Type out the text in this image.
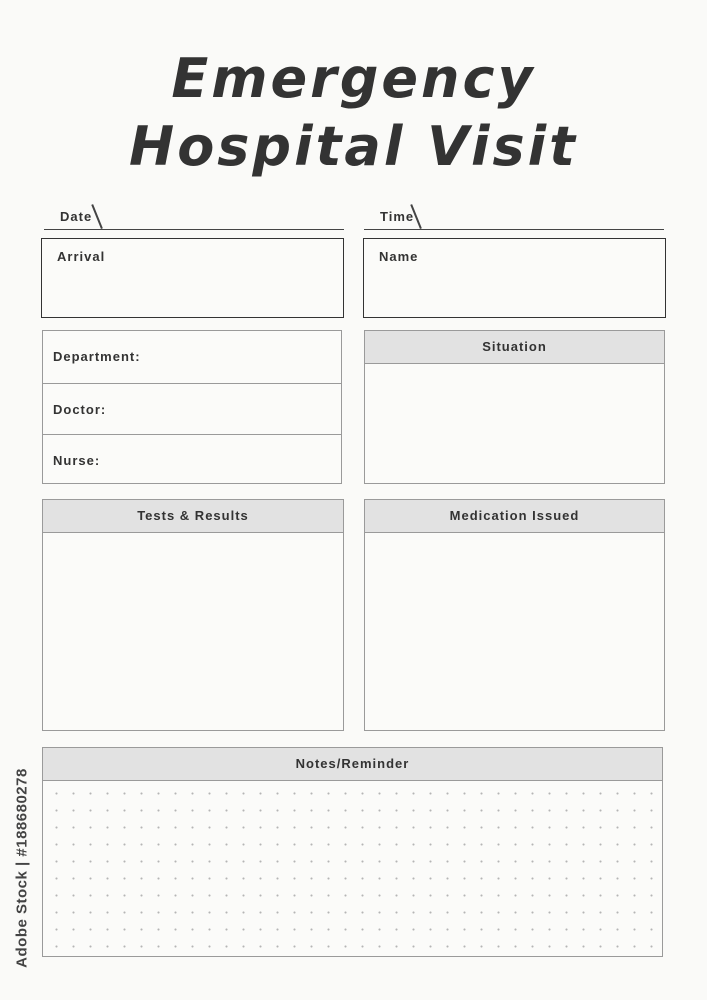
Emergency
Hospital Visit
Date	Time
Arrival	Name
Department:
Doctor:
Nurse:
Situation
Tests & Results	Medication Issued
Notes/Reminder
Adobe Stock | #188680278
